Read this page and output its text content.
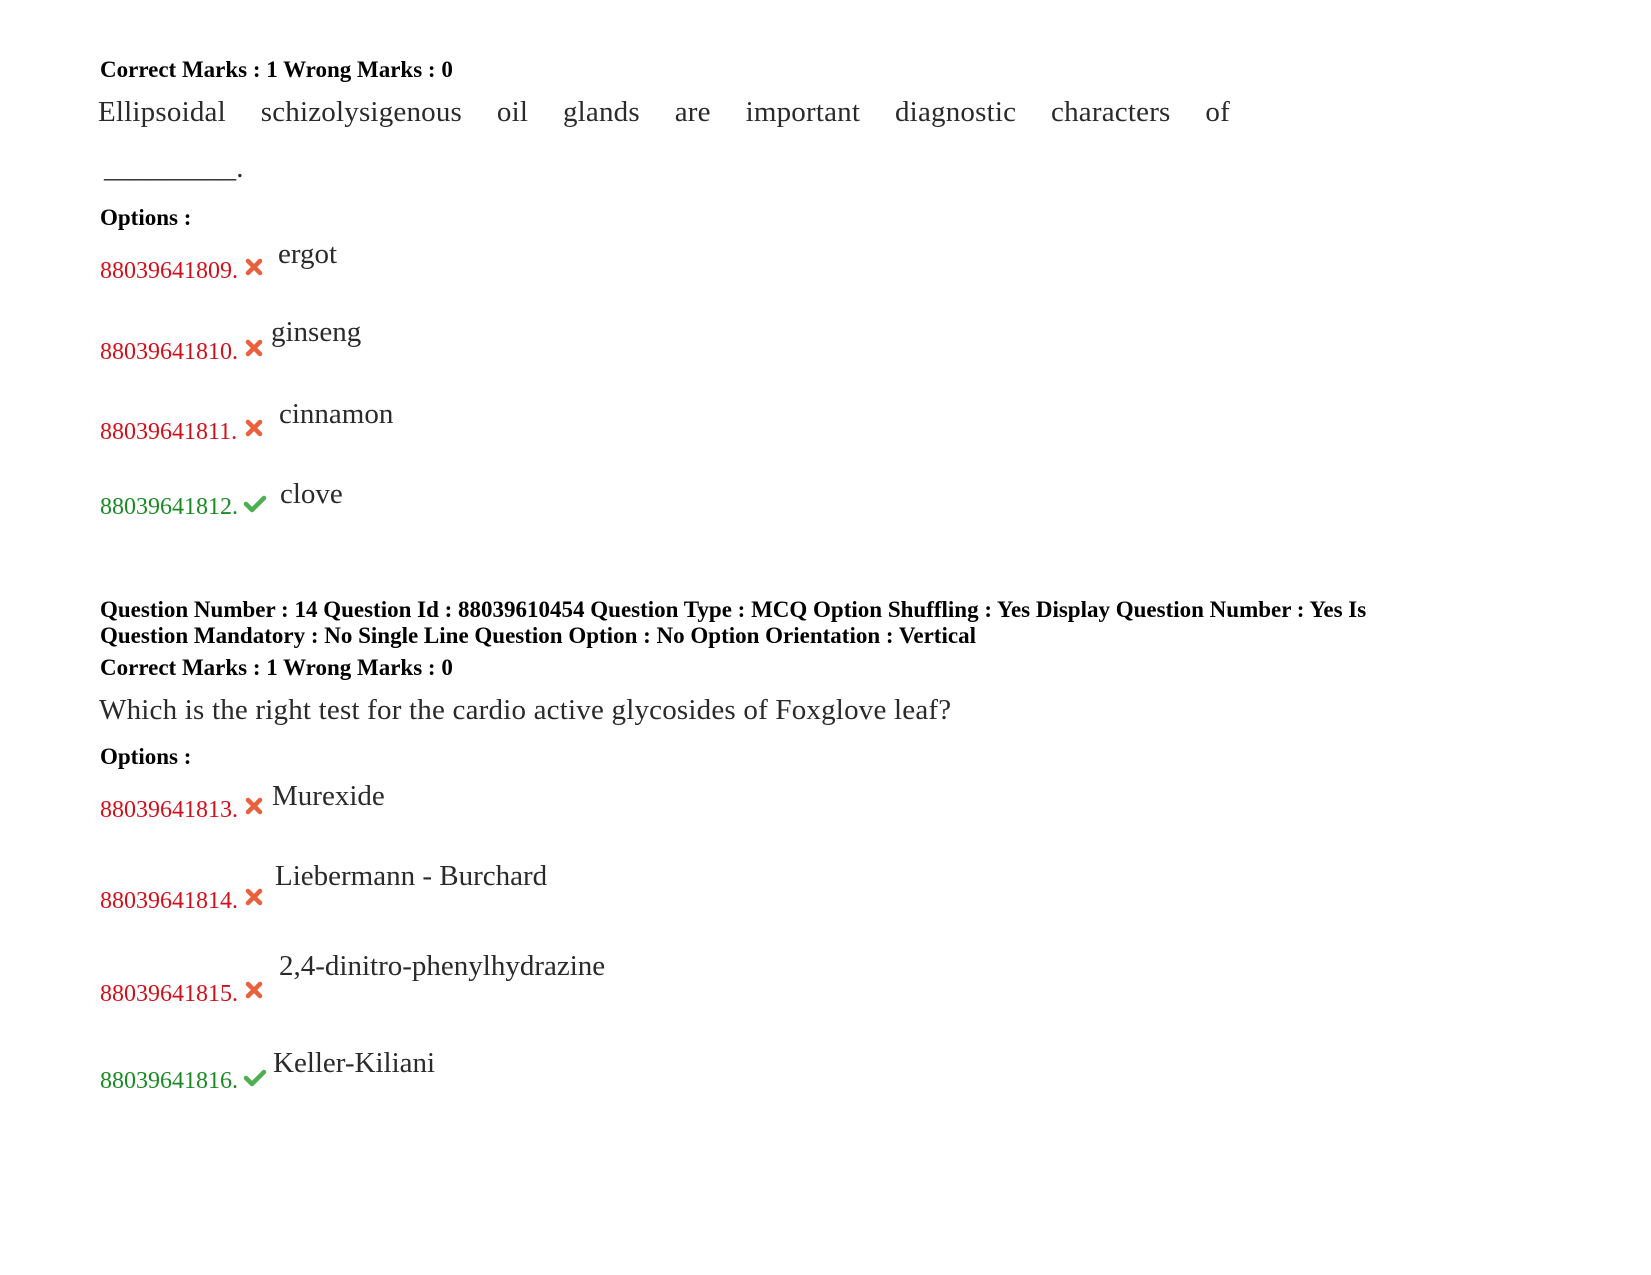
Correct Marks : 1 Wrong Marks : 0
Ellipsoidal schizolysigenous oil glands are important diagnostic characters of
_________.
Options :
88039641809.
ergot
88039641810.
ginseng
88039641811.
cinnamon
88039641812. clove
Question Number : 14 Question Id : 88039610454 Question Type : MCQ Option Shuffling : Yes Display Question Number : Yes Is
Question Mandatory : No Single Line Question Option : No Option Orientation : Vertical
Correct Marks : 1 Wrong Marks : 0
Which is the right test for the cardio active glycosides of Foxglove leaf?
Options :
88039641813. Murexide
88039641814.
Liebermann - Burchard
88039641815.
2,4-dinitro-phenylhydrazine
88039641816.
Keller-Kiliani
